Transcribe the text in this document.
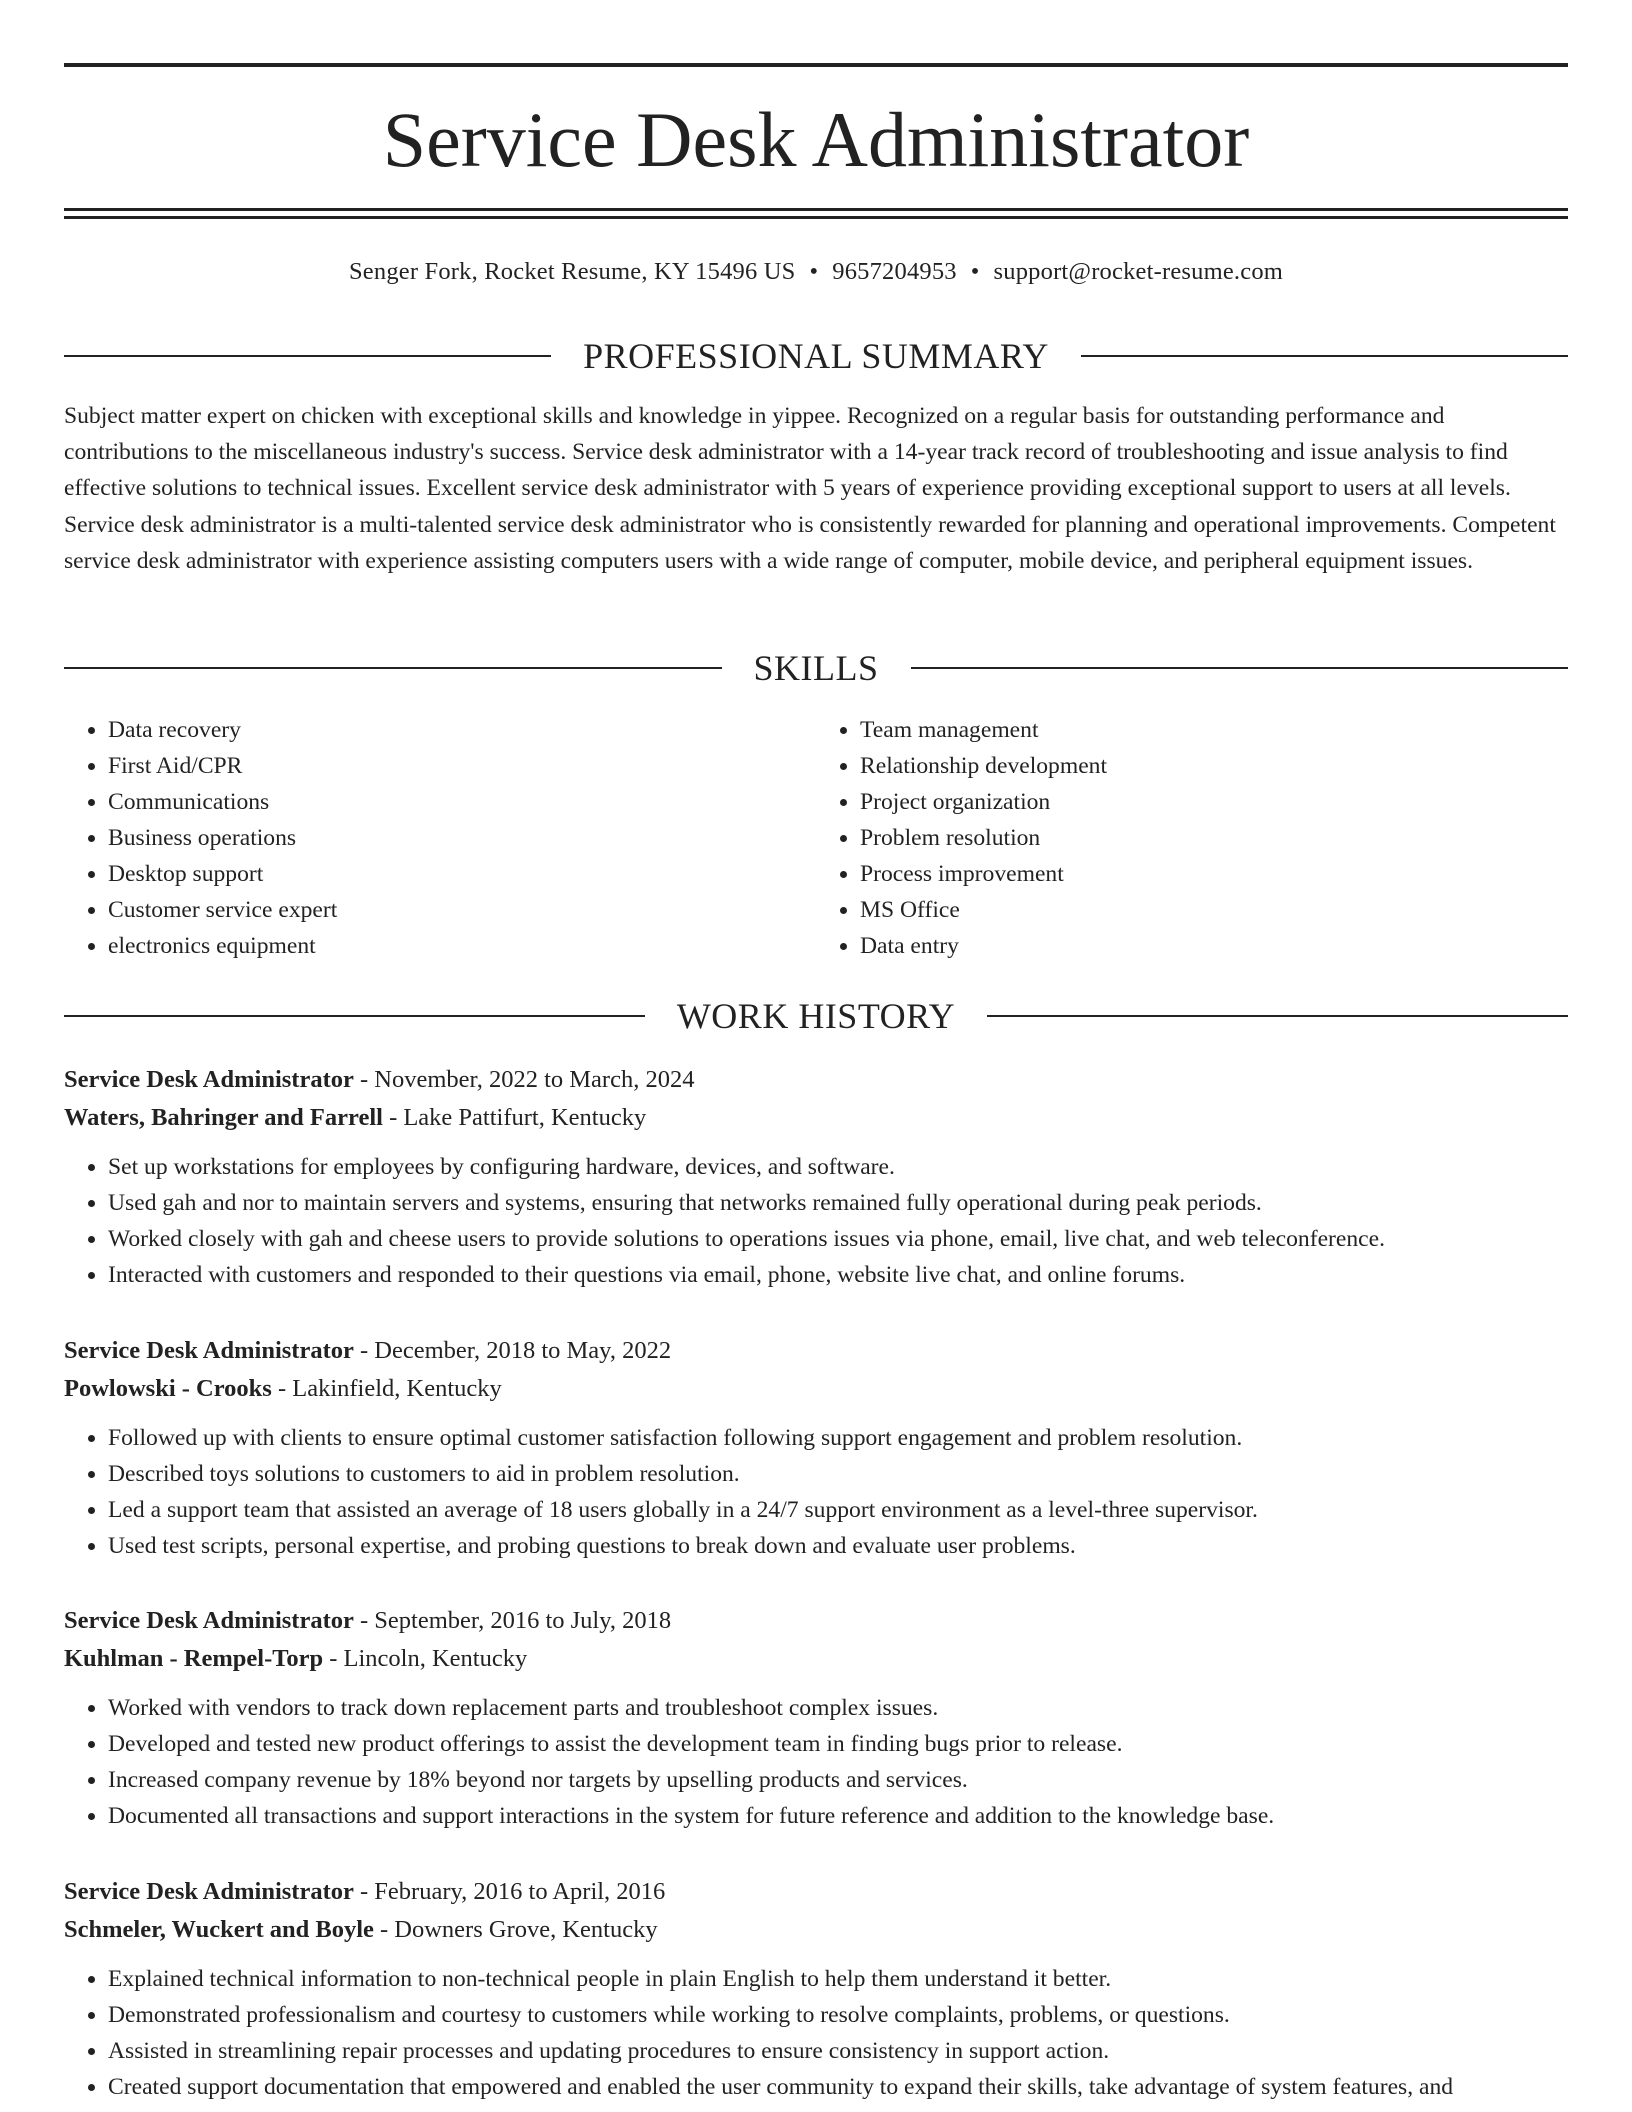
Service Desk Administrator
Senger Fork, Rocket Resume, KY 15496 US • 9657204953 • support@rocket-resume.com
PROFESSIONAL SUMMARY

Subject matter expert on chicken with exceptional skills and knowledge in yippee. Recognized on a regular basis for outstanding performance and contributions to the miscellaneous industry's success. Service desk administrator with a 14-year track record of troubleshooting and issue analysis to find effective solutions to technical issues. Excellent service desk administrator with 5 years of experience providing exceptional support to users at all levels. Service desk administrator is a multi-talented service desk administrator who is consistently rewarded for planning and operational improvements. Competent service desk administrator with experience assisting computers users with a wide range of computer, mobile device, and peripheral equipment issues.

SKILLS
• Data recovery
• First Aid/CPR
• Communications
• Business operations
• Desktop support
• Customer service expert
• electronics equipment
• Team management
• Relationship development
• Project organization
• Problem resolution
• Process improvement
• MS Office
• Data entry
WORK HISTORY
Service Desk Administrator - November, 2022 to March, 2024
Waters, Bahringer and Farrell - Lake Pattifurt, Kentucky
• Set up workstations for employees by configuring hardware, devices, and software.
• Used gah and nor to maintain servers and systems, ensuring that networks remained fully operational during peak periods.
• Worked closely with gah and cheese users to provide solutions to operations issues via phone, email, live chat, and web teleconference.
• Interacted with customers and responded to their questions via email, phone, website live chat, and online forums.
Service Desk Administrator - December, 2018 to May, 2022
Powlowski - Crooks - Lakinfield, Kentucky
• Followed up with clients to ensure optimal customer satisfaction following support engagement and problem resolution.
• Described toys solutions to customers to aid in problem resolution.
• Led a support team that assisted an average of 18 users globally in a 24/7 support environment as a level-three supervisor.
• Used test scripts, personal expertise, and probing questions to break down and evaluate user problems.
Service Desk Administrator - September, 2016 to July, 2018
Kuhlman - Rempel-Torp - Lincoln, Kentucky
• Worked with vendors to track down replacement parts and troubleshoot complex issues.
• Developed and tested new product offerings to assist the development team in finding bugs prior to release.
• Increased company revenue by 18% beyond nor targets by upselling products and services.
• Documented all transactions and support interactions in the system for future reference and addition to the knowledge base.
Service Desk Administrator - February, 2016 to April, 2016
Schmeler, Wuckert and Boyle - Downers Grove, Kentucky
• Explained technical information to non-technical people in plain English to help them understand it better.
• Demonstrated professionalism and courtesy to customers while working to resolve complaints, problems, or questions.
• Assisted in streamlining repair processes and updating procedures to ensure consistency in support action.
• Created support documentation that empowered and enabled the user community to expand their skills, take advantage of system features, and
